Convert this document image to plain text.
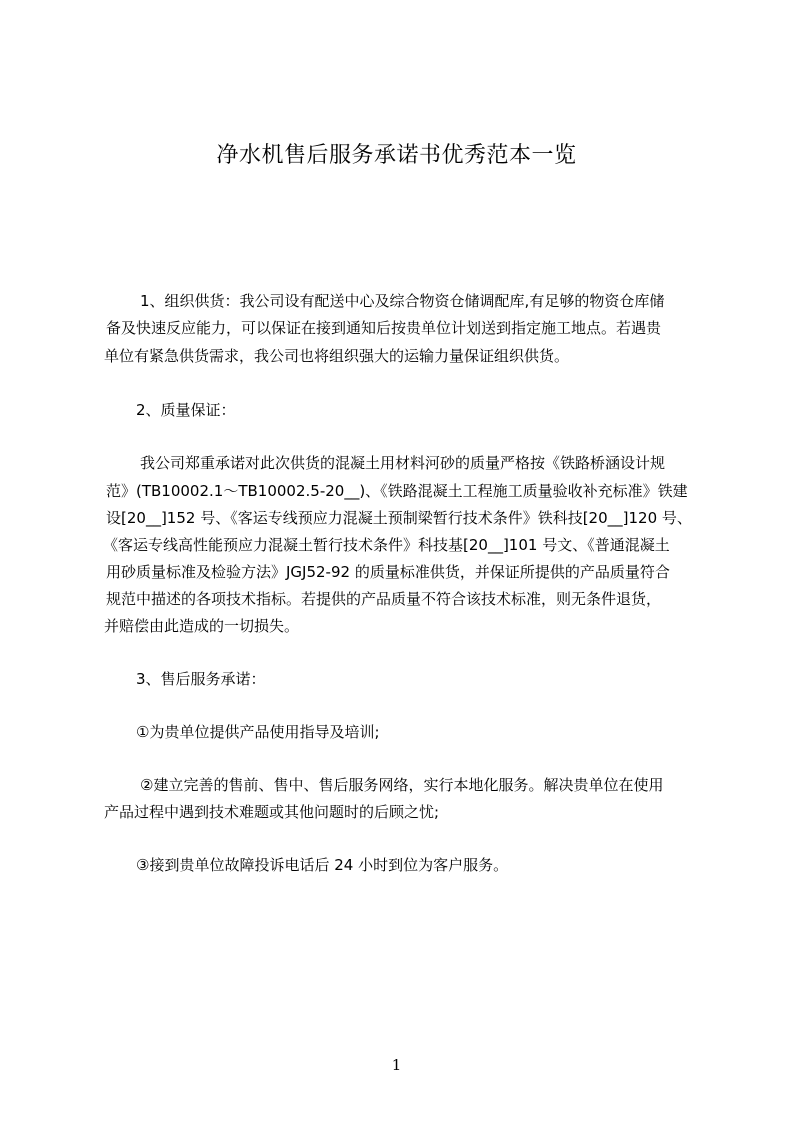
净水机售后服务承诺书优秀范本一览
1、组织供货：我公司设有配送中心及综合物资仓储调配库,有足够的物资仓库储
备及快速反应能力，可以保证在接到通知后按贵单位计划送到指定施工地点。若遇贵
单位有紧急供货需求，我公司也将组织强大的运输力量保证组织供货。
2、质量保证：
我公司郑重承诺对此次供货的混凝土用材料河砂的质量严格按《铁路桥涵设计规
范》(TB10002.1～TB10002.5-20__)、《铁路混凝土工程施工质量验收补充标准》铁建
设[20__]152 号、《客运专线预应力混凝土预制梁暂行技术条件》铁科技[20__]120 号、
《客运专线高性能预应力混凝土暂行技术条件》科技基[20__]101 号文、《普通混凝土
用砂质量标准及检验方法》JGJ52-92 的质量标准供货，并保证所提供的产品质量符合
规范中描述的各项技术指标。若提供的产品质量不符合该技术标准，则无条件退货，
并赔偿由此造成的一切损失。
3、售后服务承诺：
①为贵单位提供产品使用指导及培训;
②建立完善的售前、售中、售后服务网络，实行本地化服务。解决贵单位在使用
产品过程中遇到技术难题或其他问题时的后顾之忧;
③接到贵单位故障投诉电话后 24 小时到位为客户服务。
1
